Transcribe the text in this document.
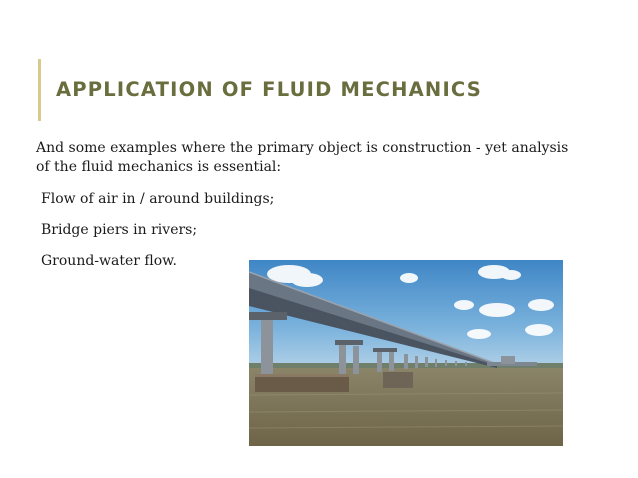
APPLICATION OF FLUID MECHANICS
And some examples where the primary object is construction - yet analysis
of the fluid mechanics is essential:
Flow of air in / around buildings;
Bridge piers in rivers;
Ground-water flow.
